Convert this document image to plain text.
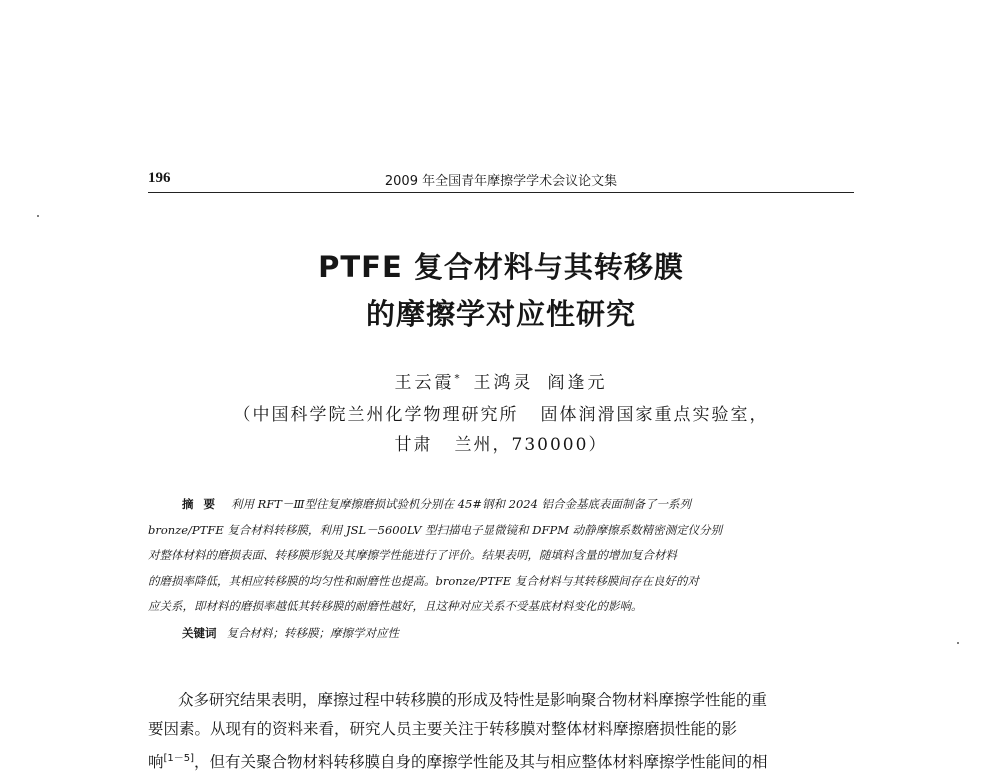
196	2009 年全国青年摩擦学学术会议论文集
PTFE 复合材料与其转移膜
的摩擦学对应性研究
王云霞* 王鸿灵 阎逢元
（中国科学院兰州化学物理研究所 固体润滑国家重点实验室，
甘肃 兰州，730000）
摘要 利用 RFT－Ⅲ型往复摩擦磨损试验机分别在 45#钢和 2024 铝合金基底表面制备了一系列
bronze/PTFE 复合材料转移膜，利用 JSL－5600LV 型扫描电子显微镜和 DFPM 动静摩擦系数精密测定仪分别
对整体材料的磨损表面、转移膜形貌及其摩擦学性能进行了评价。结果表明，随填料含量的增加复合材料
的磨损率降低，其相应转移膜的均匀性和耐磨性也提高。bronze/PTFE 复合材料与其转移膜间存在良好的对
应关系，即材料的磨损率越低其转移膜的耐磨性越好，且这种对应关系不受基底材料变化的影响。
关键词 复合材料；转移膜；摩擦学对应性
众多研究结果表明，摩擦过程中转移膜的形成及特性是影响聚合物材料摩擦学性能的重
要因素。从现有的资料来看，研究人员主要关注于转移膜对整体材料摩擦磨损性能的影
响[1－5]，但有关聚合物材料转移膜自身的摩擦学性能及其与相应整体材料摩擦学性能间的相
